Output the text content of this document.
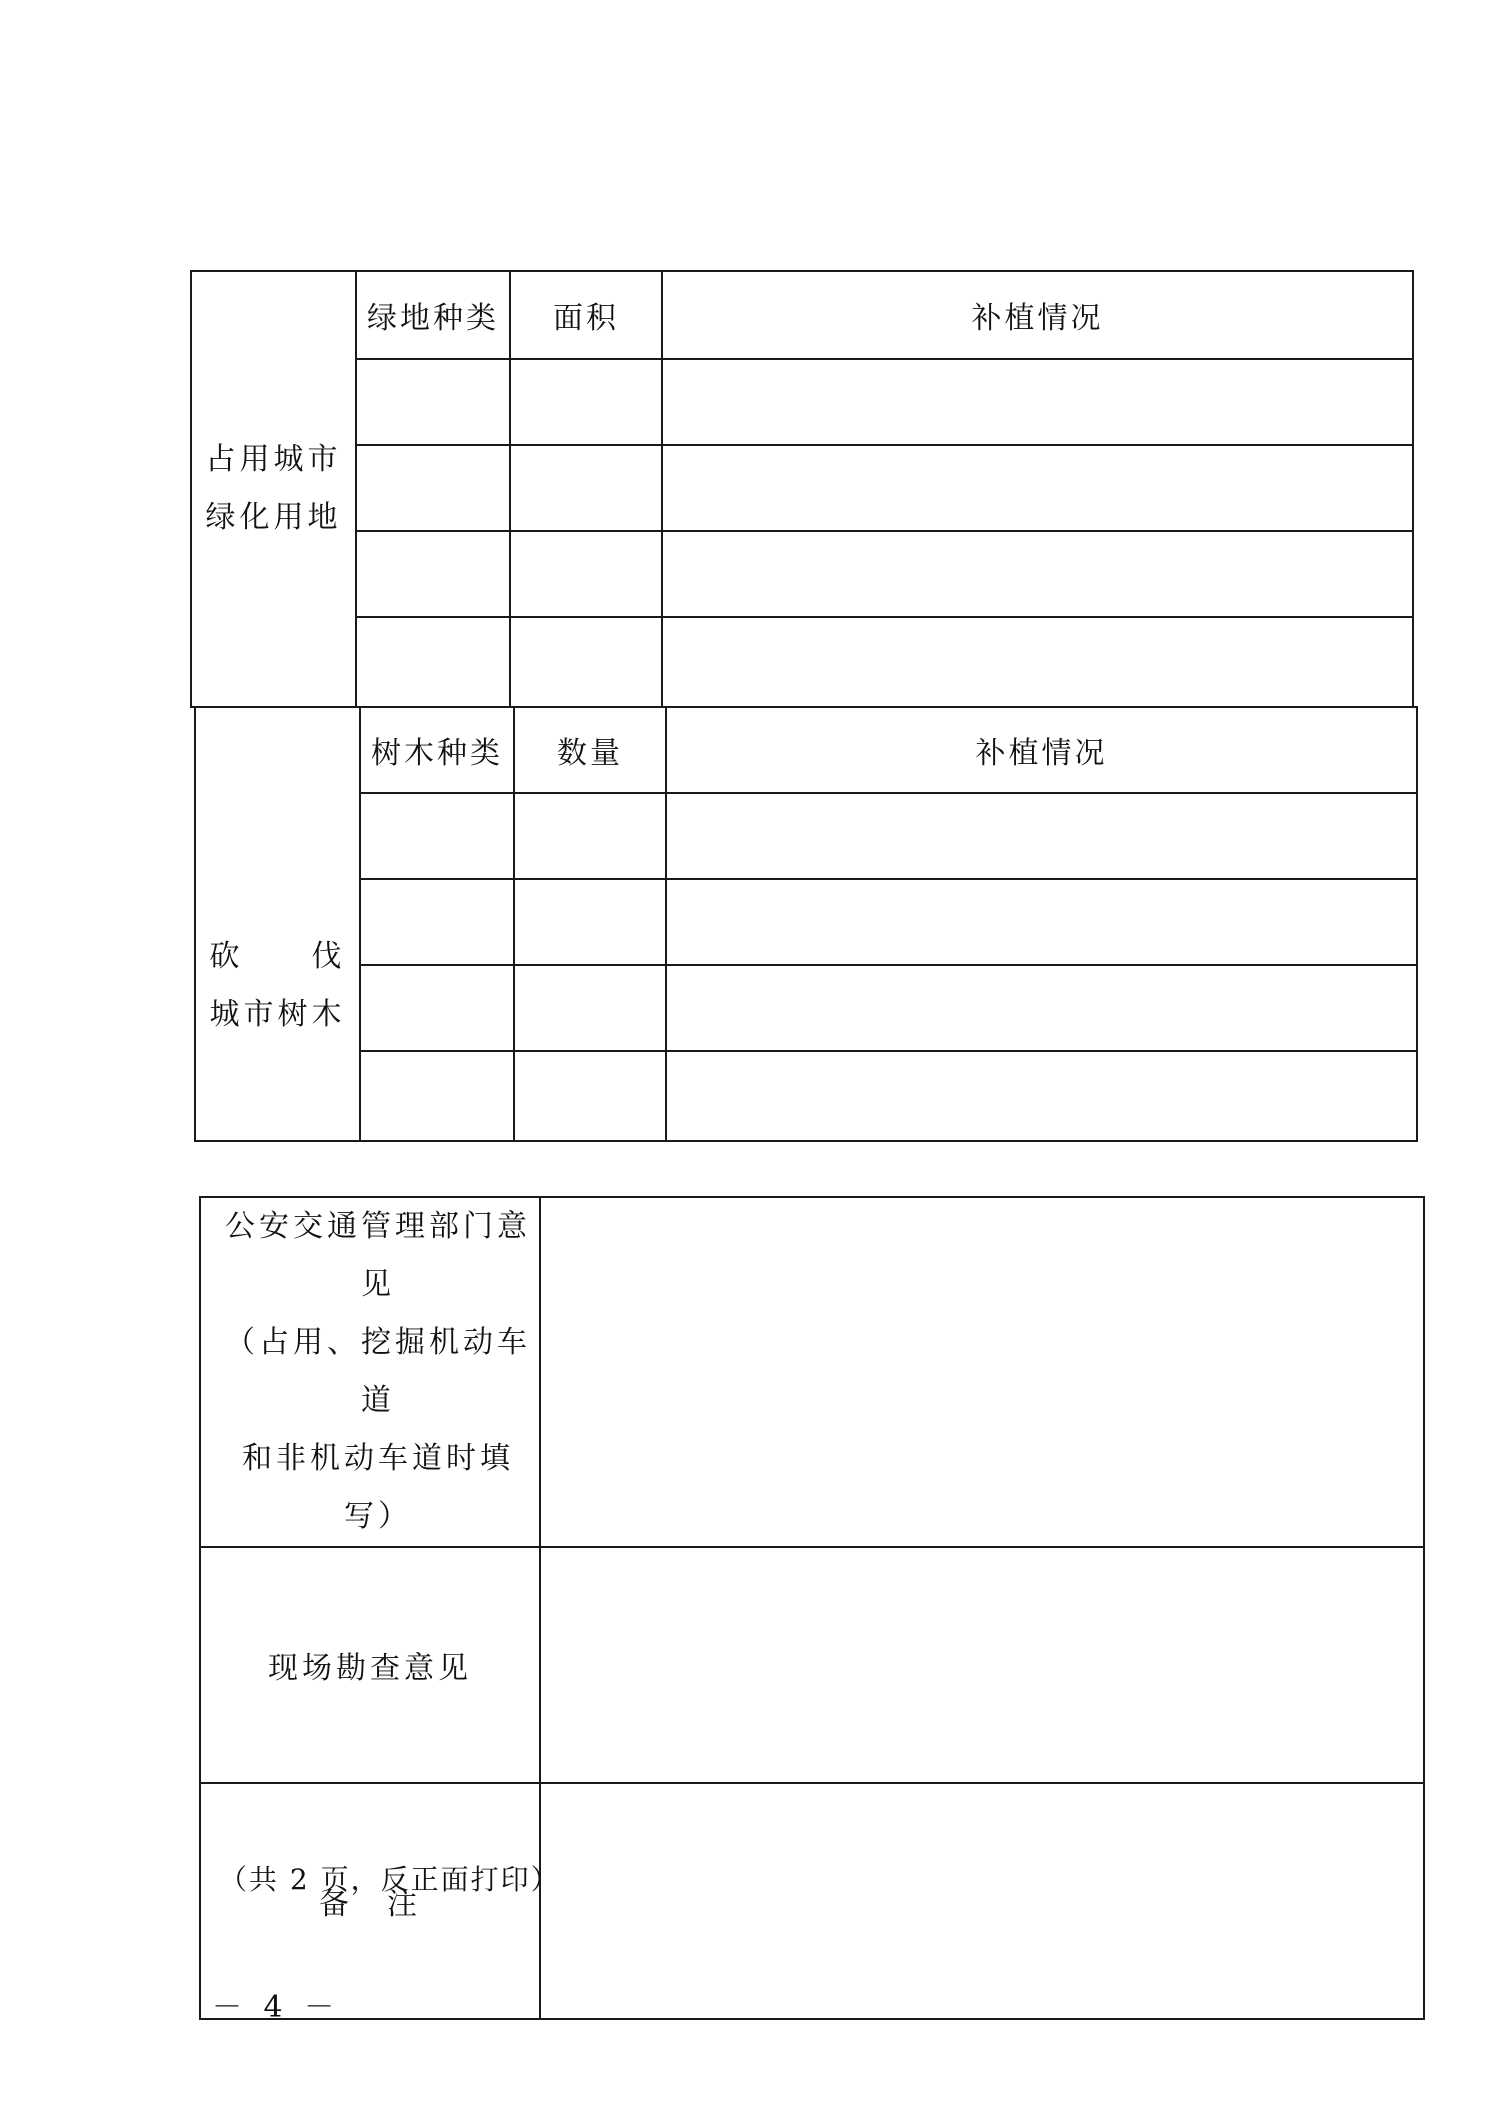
占用城市
绿化用地	绿地种类	面积	补植情况

砍　　伐
城市树木	树木种类	数量	补植情况

公安交通管理部门意见
（占用、挖掘机动车道
和非机动车道时填写）	

现场勘查意见	
备　注	
（共 2 页，反正面打印）
－ 4 －
